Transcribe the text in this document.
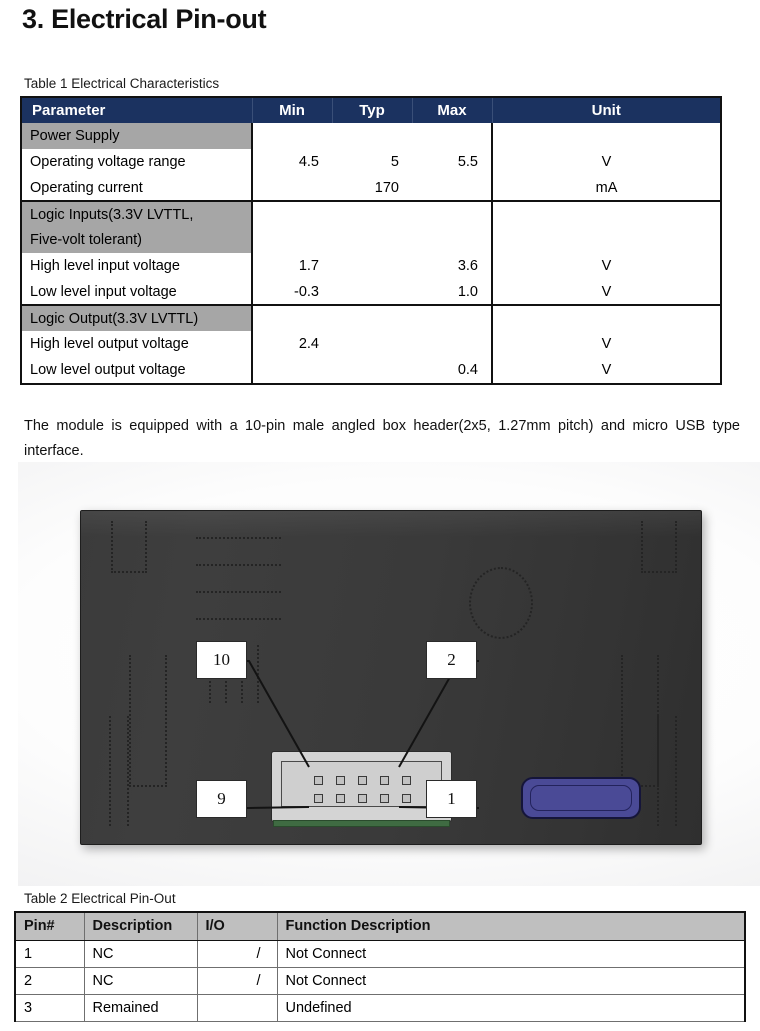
3. Electrical Pin-out
Table 1 Electrical Characteristics
Parameter	Min	Typ	Max	Unit
Power Supply				
Operating voltage range	4.5	5	5.5	V
Operating current		170		mA
Logic Inputs(3.3V LVTTL,				
Five-volt tolerant)				
High level input voltage	1.7		3.6	V
Low level input voltage	-0.3		1.0	V
Logic Output(3.3V LVTTL)				
High level output voltage	2.4			V
Low level output voltage			0.4	V
The module is equipped with a 10-pin male angled box header(2x5, 1.27mm pitch) and micro USB type interface.
10	2
9	1
Table 2 Electrical Pin-Out
Pin#	Description	I/O	Function Description
1	NC	/	Not Connect
2	NC	/	Not Connect
3	Remained		Undefined
